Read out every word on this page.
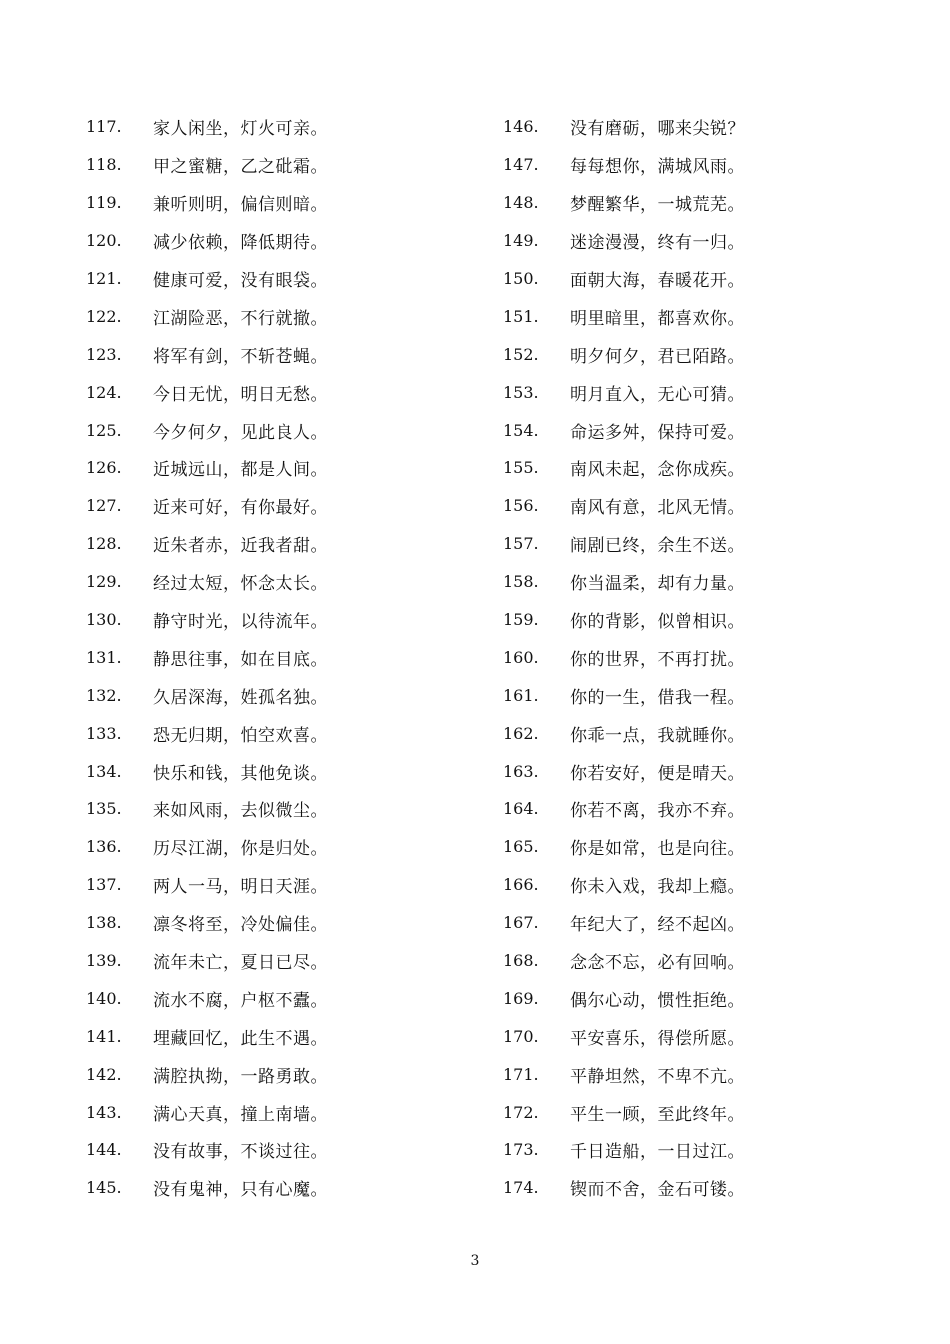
117.	家人闲坐，灯火可亲。
118.	甲之蜜糖，乙之砒霜。
119.	兼听则明，偏信则暗。
120.	减少依赖，降低期待。
121.	健康可爱，没有眼袋。
122.	江湖险恶，不行就撤。
123.	将军有剑，不斩苍蝇。
124.	今日无忧，明日无愁。
125.	今夕何夕，见此良人。
126.	近城远山，都是人间。
127.	近来可好，有你最好。
128.	近朱者赤，近我者甜。
129.	经过太短，怀念太长。
130.	静守时光，以待流年。
131.	静思往事，如在目底。
132.	久居深海，姓孤名独。
133.	恐无归期，怕空欢喜。
134.	快乐和钱，其他免谈。
135.	来如风雨，去似微尘。
136.	历尽江湖，你是归处。
137.	两人一马，明日天涯。
138.	凛冬将至，冷处偏佳。
139.	流年未亡，夏日已尽。
140.	流水不腐，户枢不蠹。
141.	埋藏回忆，此生不遇。
142.	满腔执拗，一路勇敢。
143.	满心天真，撞上南墙。
144.	没有故事，不谈过往。
145.	没有鬼神，只有心魔。
146.	没有磨砺，哪来尖锐？
147.	每每想你，满城风雨。
148.	梦醒繁华，一城荒芜。
149.	迷途漫漫，终有一归。
150.	面朝大海，春暖花开。
151.	明里暗里，都喜欢你。
152.	明夕何夕，君已陌路。
153.	明月直入，无心可猜。
154.	命运多舛，保持可爱。
155.	南风未起，念你成疾。
156.	南风有意，北风无情。
157.	闹剧已终，余生不送。
158.	你当温柔，却有力量。
159.	你的背影，似曾相识。
160.	你的世界，不再打扰。
161.	你的一生，借我一程。
162.	你乖一点，我就睡你。
163.	你若安好，便是晴天。
164.	你若不离，我亦不弃。
165.	你是如常，也是向往。
166.	你未入戏，我却上瘾。
167.	年纪大了，经不起凶。
168.	念念不忘，必有回响。
169.	偶尔心动，惯性拒绝。
170.	平安喜乐，得偿所愿。
171.	平静坦然，不卑不亢。
172.	平生一顾，至此终年。
173.	千日造船，一日过江。
174.	锲而不舍，金石可镂。
3
